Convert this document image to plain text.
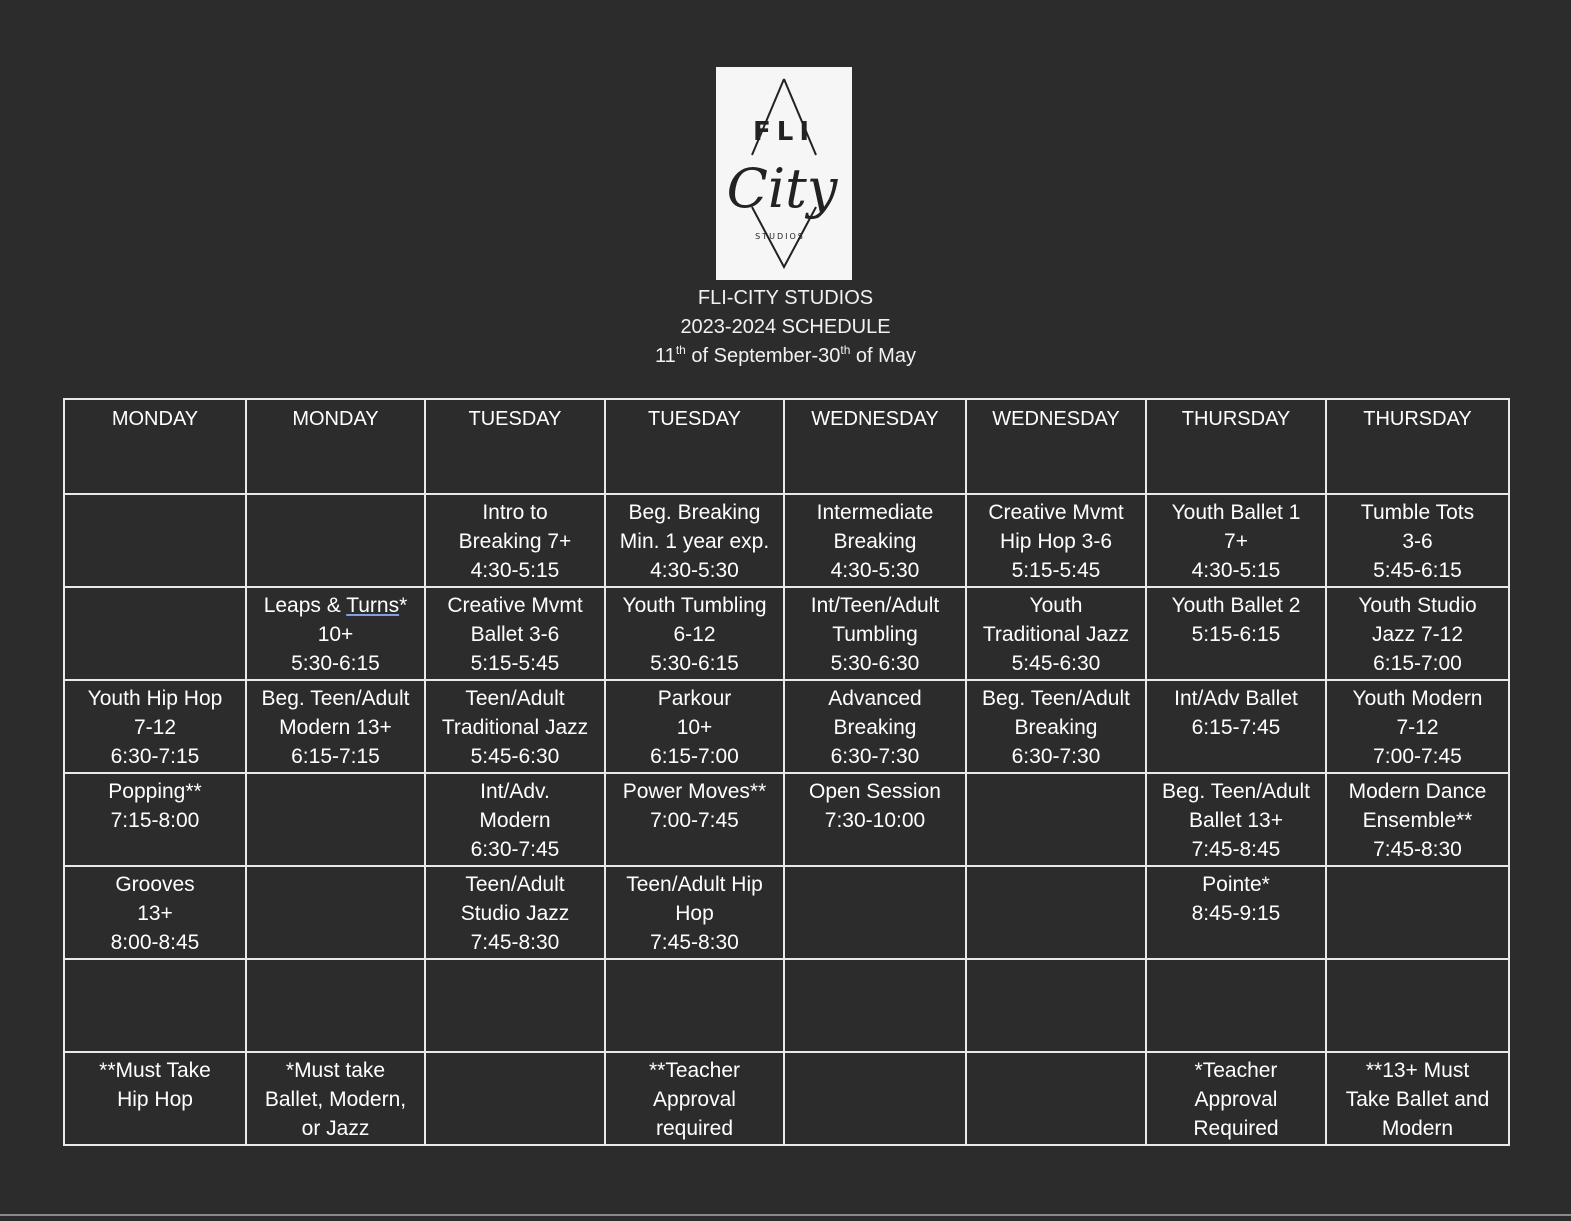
FLI
City
STUDIOS
FLI-CITY STUDIOS
2023-2024 SCHEDULE
11th of September-30th of May
MONDAY	MONDAY	TUESDAY	TUESDAY	WEDNESDAY	WEDNESDAY	THURSDAY	THURSDAY
		Intro to
Breaking 7+
4:30-5:15	Beg. Breaking
Min. 1 year exp.
4:30-5:30	Intermediate
Breaking
4:30-5:30	Creative Mvmt
Hip Hop 3-6
5:15-5:45	Youth Ballet 1
7+
4:30-5:15	Tumble Tots
3-6
5:45-6:15
	Leaps & Turns*
10+
5:30-6:15	Creative Mvmt
Ballet 3-6
5:15-5:45	Youth Tumbling
6-12
5:30-6:15	Int/Teen/Adult
Tumbling
5:30-6:30	Youth
Traditional Jazz
5:45-6:30	Youth Ballet 2
5:15-6:15	Youth Studio
Jazz 7-12
6:15-7:00
Youth Hip Hop
7-12
6:30-7:15	Beg. Teen/Adult
Modern 13+
6:15-7:15	Teen/Adult
Traditional Jazz
5:45-6:30	Parkour
10+
6:15-7:00	Advanced
Breaking
6:30-7:30	Beg. Teen/Adult
Breaking
6:30-7:30	Int/Adv Ballet
6:15-7:45	Youth Modern
7-12
7:00-7:45
Popping**
7:15-8:00		Int/Adv.
Modern
6:30-7:45	Power Moves**
7:00-7:45	Open Session
7:30-10:00		Beg. Teen/Adult
Ballet 13+
7:45-8:45	Modern Dance
Ensemble**
7:45-8:30
Grooves
13+
8:00-8:45		Teen/Adult
Studio Jazz
7:45-8:30	Teen/Adult Hip
Hop
7:45-8:30			Pointe*
8:45-9:15	

**Must Take
Hip Hop	*Must take
Ballet, Modern,
or Jazz		**Teacher
Approval
required			*Teacher
Approval
Required	**13+ Must
Take Ballet and
Modern
